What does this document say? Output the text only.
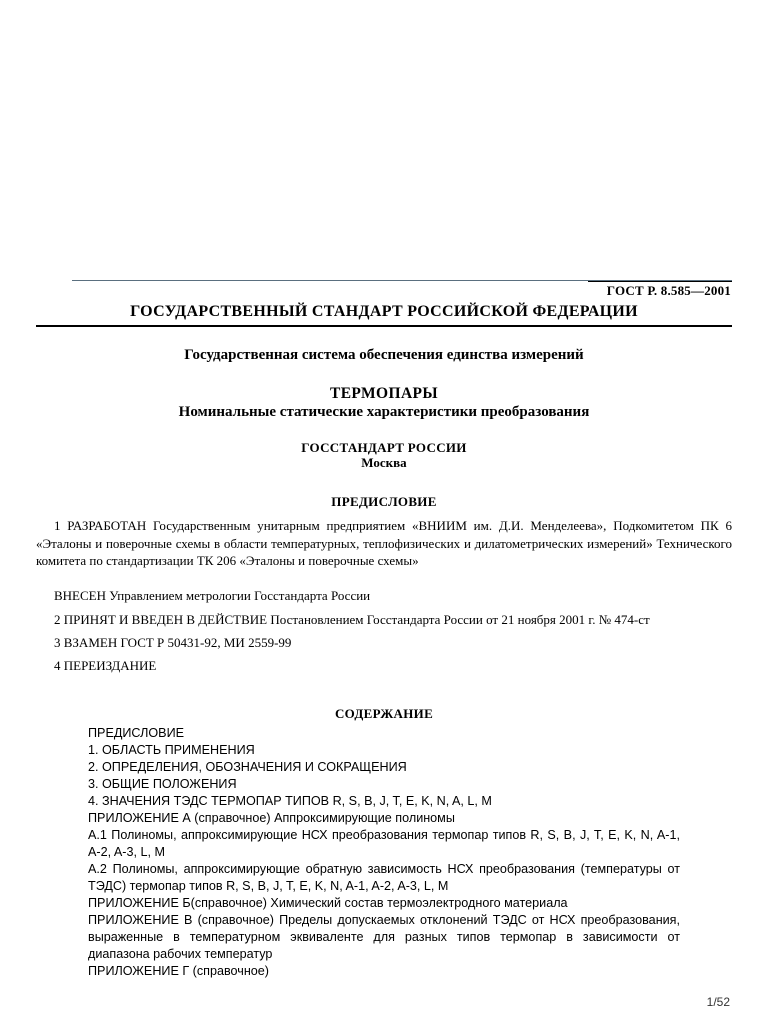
ГОСТ Р. 8.585—2001
ГОСУДАРСТВЕННЫЙ СТАНДАРТ РОССИЙСКОЙ ФЕДЕРАЦИИ
Государственная система обеспечения единства измерений
ТЕРМОПАРЫ
Номинальные статические характеристики преобразования
ГОССТАНДАРТ РОССИИ
Москва
ПРЕДИСЛОВИЕ
1 РАЗРАБОТАН Государственным унитарным предприятием «ВНИИМ им. Д.И. Менделеева», Подкомитетом ПК 6 «Эталоны и поверочные схемы в области температурных, теплофизических и дилатометрических измерений» Технического комитета по стандартизации ТК 206 «Эталоны и поверочные схемы»
ВНЕСЕН Управлением метрологии Госстандарта России
2 ПРИНЯТ И ВВЕДЕН В ДЕЙСТВИЕ Постановлением Госстандарта России от 21 ноября 2001 г. № 474-ст
3 ВЗАМЕН ГОСТ Р 50431-92, МИ 2559-99
4 ПЕРЕИЗДАНИЕ
СОДЕРЖАНИЕ
ПРЕДИСЛОВИЕ
1. ОБЛАСТЬ ПРИМЕНЕНИЯ
2. ОПРЕДЕЛЕНИЯ, ОБОЗНАЧЕНИЯ И СОКРАЩЕНИЯ
3. ОБЩИЕ ПОЛОЖЕНИЯ
4. ЗНАЧЕНИЯ ТЭДС ТЕРМОПАР ТИПОВ R, S, B, J, T, E, K, N, A, L, M
ПРИЛОЖЕНИЕ А (справочное) Аппроксимирующие полиномы
А.1 Полиномы, аппроксимирующие НСХ преобразования термопар типов R, S, B, J, T, E, K, N, A-1, A-2, A-3, L, M
А.2 Полиномы, аппроксимирующие обратную зависимость НСХ преобразования (температуры от ТЭДС) термопар типов R, S, B, J, T, E, K, N, A-1, A-2, A-3, L, M
ПРИЛОЖЕНИЕ Б(справочное) Химический состав термоэлектродного материала
ПРИЛОЖЕНИЕ В (справочное) Пределы допускаемых отклонений ТЭДС от НСХ преобразования, выраженные в температурном эквиваленте для разных типов термопар в зависимости от диапазона рабочих температур
ПРИЛОЖЕНИЕ Г (справочное)
1/52
